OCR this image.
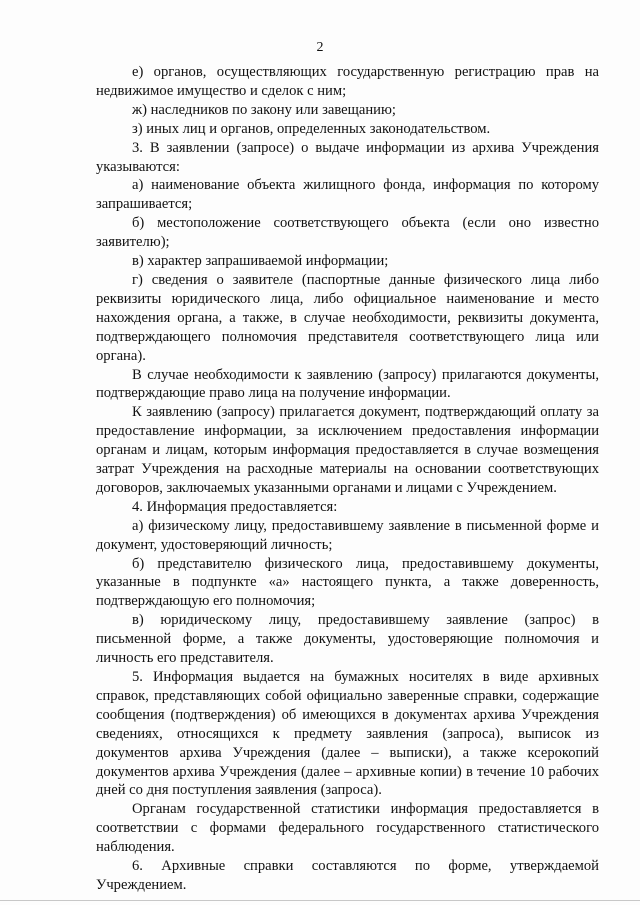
2

е) органов, осуществляющих государственную регистрацию прав на недвижимое имущество и сделок с ним;

ж) наследников по закону или завещанию;

з) иных лиц и органов, определенных законодательством.

3. В заявлении (запросе) о выдаче информации из архива Учреждения указываются:

а) наименование объекта жилищного фонда, информация по которому запрашивается;

б) местоположение соответствующего объекта (если оно известно заявителю);

в) характер запрашиваемой информации;

г) сведения о заявителе (паспортные данные физического лица либо реквизиты юридического лица, либо официальное наименование и место нахождения органа, а также, в случае необходимости, реквизиты документа, подтверждающего полномочия представителя соответствующего лица или органа).

В случае необходимости к заявлению (запросу) прилагаются документы, подтверждающие право лица на получение информации.

К заявлению (запросу) прилагается документ, подтверждающий оплату за предоставление информации, за исключением предоставления информации органам и лицам, которым информация предоставляется в случае возмещения затрат Учреждения на расходные материалы на основании соответствующих договоров, заключаемых указанными органами и лицами с Учреждением.

4. Информация предоставляется:

а) физическому лицу, предоставившему заявление в письменной форме и документ, удостоверяющий личность;

б) представителю физического лица, предоставившему документы, указанные в подпункте «а» настоящего пункта, а также доверенность, подтверждающую его полномочия;

в) юридическому лицу, предоставившему заявление (запрос) в письменной форме, а также документы, удостоверяющие полномочия и личность его представителя.

5. Информация выдается на бумажных носителях в виде архивных справок, представляющих собой официально заверенные справки, содержащие сообщения (подтверждения) об имеющихся в документах архива Учреждения сведениях, относящихся к предмету заявления (запроса), выписок из документов архива Учреждения (далее – выписки), а также ксерокопий документов архива Учреждения (далее – архивные копии) в течение 10 рабочих дней со дня поступления заявления (запроса).

Органам государственной статистики информация предоставляется в соответствии с формами федерального государственного статистического наблюдения.

6. Архивные справки составляются по форме, утверждаемой Учреждением.
